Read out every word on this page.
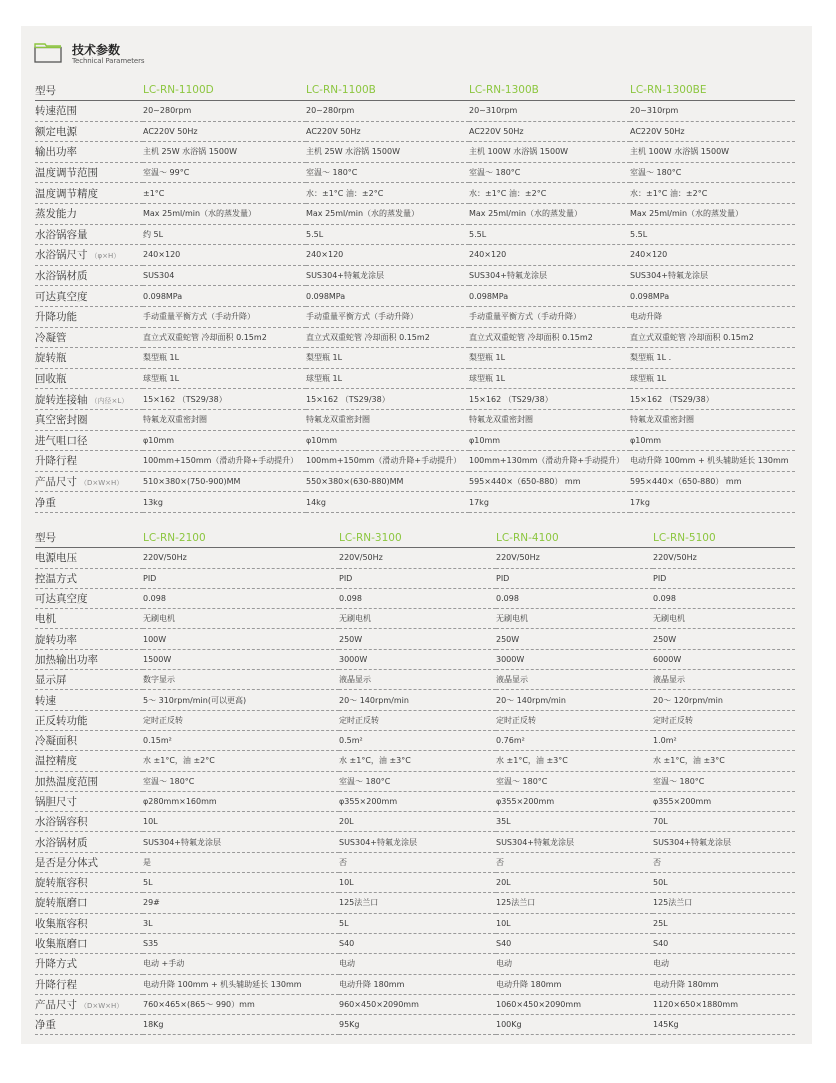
技术参数
Technical Parameters
型号	LC-RN-1100D	LC-RN-1100B	LC-RN-1300B	LC-RN-1300BE
转速范围	20~280rpm	20~280rpm	20~310rpm	20~310rpm
额定电源	AC220V 50Hz	AC220V 50Hz	AC220V 50Hz	AC220V 50Hz
输出功率	主机 25W 水浴锅 1500W	主机 25W 水浴锅 1500W	主机 100W 水浴锅 1500W	主机 100W 水浴锅 1500W
温度调节范围	室温～ 99°C	室温～ 180°C	室温～ 180°C	室温～ 180°C
温度调节精度	±1°C	水：±1°C 油：±2°C	水：±1°C 油：±2°C	水：±1°C 油：±2°C
蒸发能力	Max 25ml/min（水的蒸发量）	Max 25ml/min（水的蒸发量）	Max 25ml/min（水的蒸发量）	Max 25ml/min（水的蒸发量）
水浴锅容量	约 5L	5.5L	5.5L	5.5L
水浴锅尺寸 （φ×H）	240×120	240×120	240×120	240×120
水浴锅材质	SUS304	SUS304+特氟龙涂层	SUS304+特氟龙涂层	SUS304+特氟龙涂层
可达真空度	0.098MPa	0.098MPa	0.098MPa	0.098MPa
升降功能	手动重量平衡方式（手动升降）	手动重量平衡方式（手动升降）	手动重量平衡方式（手动升降）	电动升降
冷凝管	直立式双重蛇管 冷却面积 0.15m2	直立式双重蛇管 冷却面积 0.15m2	直立式双重蛇管 冷却面积 0.15m2	直立式双重蛇管 冷却面积 0.15m2
旋转瓶	梨型瓶 1L	梨型瓶 1L	梨型瓶 1L	梨型瓶 1L .
回收瓶	球型瓶 1L	球型瓶 1L	球型瓶 1L	球型瓶 1L
旋转连接轴 （内径×L）	15×162 （TS29/38）	15×162 （TS29/38）	15×162 （TS29/38）	15×162 （TS29/38）
真空密封圈	特氟龙双重密封圈	特氟龙双重密封圈	特氟龙双重密封圈	特氟龙双重密封圈
进气咀口径	φ10mm	φ10mm	φ10mm	φ10mm
升降行程	100mm+150mm（滑动升降+手动提升）	100mm+150mm（滑动升降+手动提升）	100mm+130mm（滑动升降+手动提升）	电动升降 100mm + 机头辅助延长 130mm
产品尺寸 （D×W×H）	510×380×(750-900)MM	550×380×(630-880)MM	595×440×（650-880） mm	595×440×（650-880） mm
净重	13kg	14kg	17kg	17kg
型号	LC-RN-2100	LC-RN-3100	LC-RN-4100	LC-RN-5100
电源电压	220V/50Hz	220V/50Hz	220V/50Hz	220V/50Hz
控温方式	PID	PID	PID	PID
可达真空度	0.098	0.098	0.098	0.098
电机	无刷电机	无刷电机	无刷电机	无刷电机
旋转功率	100W	250W	250W	250W
加热输出功率	1500W	3000W	3000W	6000W
显示屏	数字显示	液晶显示	液晶显示	液晶显示
转速	5～ 310rpm/min(可以更高)	20～ 140rpm/min	20～ 140rpm/min	20～ 120rpm/min
正反转功能	定时正反转	定时正反转	定时正反转	定时正反转
冷凝面积	0.15m²	0.5m²	0.76m²	1.0m²
温控精度	水 ±1°C，油 ±2°C	水 ±1°C，油 ±3°C	水 ±1°C，油 ±3°C	水 ±1°C，油 ±3°C
加热温度范围	室温～ 180°C	室温～ 180°C	室温～ 180°C	室温～ 180°C
锅胆尺寸	φ280mm×160mm	φ355×200mm	φ355×200mm	φ355×200mm
水浴锅容积	10L	20L	35L	70L
水浴锅材质	SUS304+特氟龙涂层	SUS304+特氟龙涂层	SUS304+特氟龙涂层	SUS304+特氟龙涂层
是否是分体式	是	否	否	否
旋转瓶容积	5L	10L	20L	50L
旋转瓶磨口	29#	125法兰口	125法兰口	125法兰口
收集瓶容积	3L	5L	10L	25L
收集瓶磨口	S35	S40	S40	S40
升降方式	电动 +手动	电动	电动	电动
升降行程	电动升降 100mm + 机头辅助延长 130mm	电动升降 180mm	电动升降 180mm	电动升降 180mm
产品尺寸 （D×W×H）	760×465×(865～ 990）mm	960×450×2090mm	1060×450×2090mm	1120×650×1880mm
净重	18Kg	95Kg	100Kg	145Kg
